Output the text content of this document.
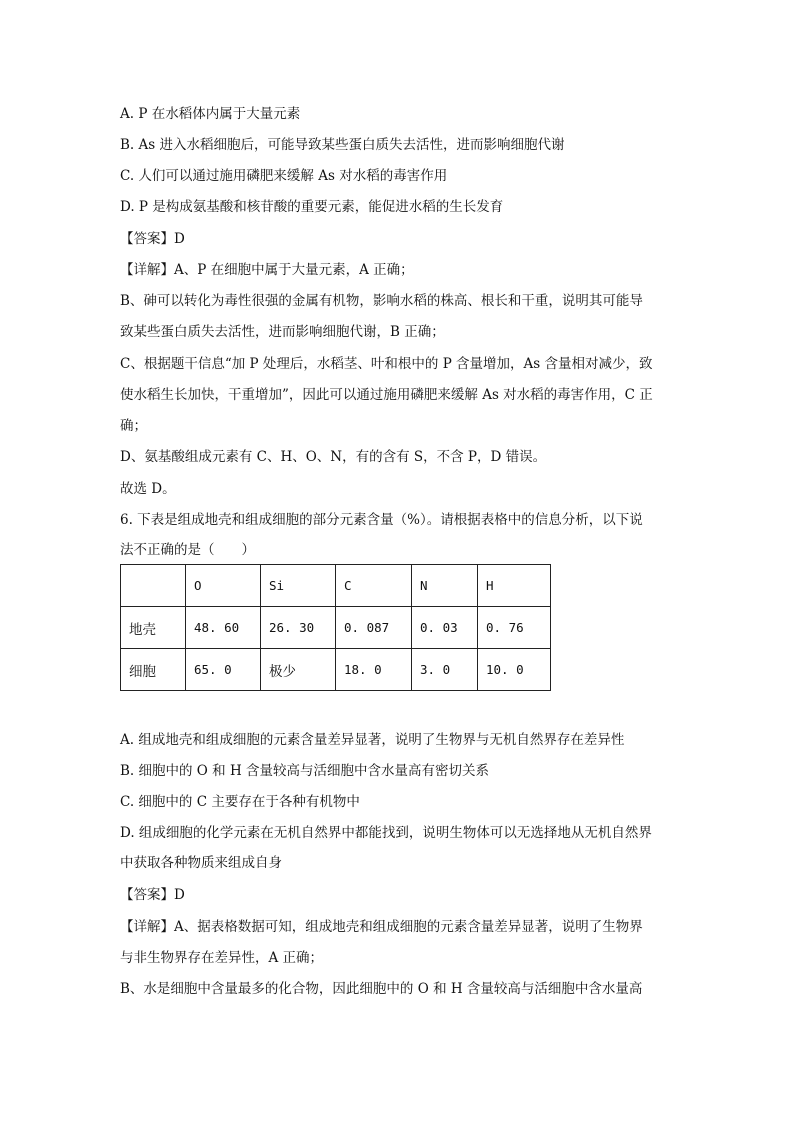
A. P 在水稻体内属于大量元素
B. As 进入水稻细胞后，可能导致某些蛋白质失去活性，进而影响细胞代谢
C. 人们可以通过施用磷肥来缓解 As 对水稻的毒害作用
D. P 是构成氨基酸和核苷酸的重要元素，能促进水稻的生长发育
【答案】D
【详解】A、P 在细胞中属于大量元素，A 正确；
B、砷可以转化为毒性很强的金属有机物，影响水稻的株高、根长和干重，说明其可能导
致某些蛋白质失去活性，进而影响细胞代谢，B 正确；
C、根据题干信息“加 P 处理后，水稻茎、叶和根中的 P 含量增加，As 含量相对减少，致
使水稻生长加快，干重增加”，因此可以通过施用磷肥来缓解 As 对水稻的毒害作用，C 正
确；
D、氨基酸组成元素有 C、H、O、N，有的含有 S，不含 P，D 错误。
故选 D。
6. 下表是组成地壳和组成细胞的部分元素含量（%）。请根据表格中的信息分析，以下说
法不正确的是（　　）
	O	Si	C	N	H
地壳	48. 60	26. 30	0. 087	0. 03	0. 76
细胞	65. 0	极少	18. 0	3. 0	10. 0
A. 组成地壳和组成细胞的元素含量差异显著，说明了生物界与无机自然界存在差异性
B. 细胞中的 O 和 H 含量较高与活细胞中含水量高有密切关系
C. 细胞中的 C 主要存在于各种有机物中
D. 组成细胞的化学元素在无机自然界中都能找到，说明生物体可以无选择地从无机自然界
中获取各种物质来组成自身
【答案】D
【详解】A、据表格数据可知，组成地壳和组成细胞的元素含量差异显著，说明了生物界
与非生物界存在差异性，A 正确；
B、水是细胞中含量最多的化合物，因此细胞中的 O 和 H 含量较高与活细胞中含水量高
